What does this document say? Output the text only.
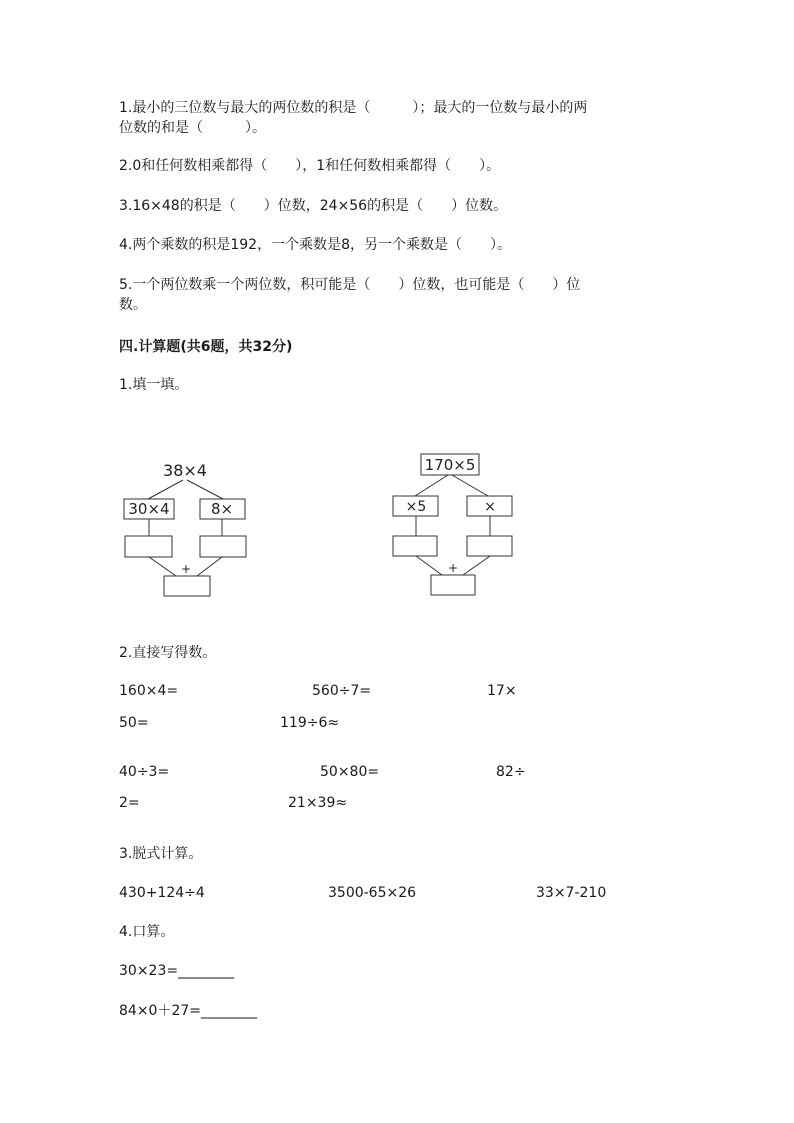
1.最小的三位数与最大的两位数的积是（　　　）；最大的一位数与最小的两
位数的和是（　　　）。
2.0和任何数相乘都得（　　），1和任何数相乘都得（　　）。
3.16×48的积是（　　）位数，24×56的积是（　　）位数。
4.两个乘数的积是192，一个乘数是8，另一个乘数是（　　）。
5.一个两位数乘一个两位数，积可能是（　　）位数，也可能是（　　）位
数。
四.计算题(共6题，共32分)
1.填一填。
38×4
30×4	8×
+
170×5
×5	×
+
2.直接写得数。
160×4=	560÷7=	17×
50=	119÷6≈
40÷3=	50×80=	82÷
2=	21×39≈
3.脱式计算。
430+124÷4	3500-65×26	33×7-210
4.口算。
30×23=________
84×0＋27=________
